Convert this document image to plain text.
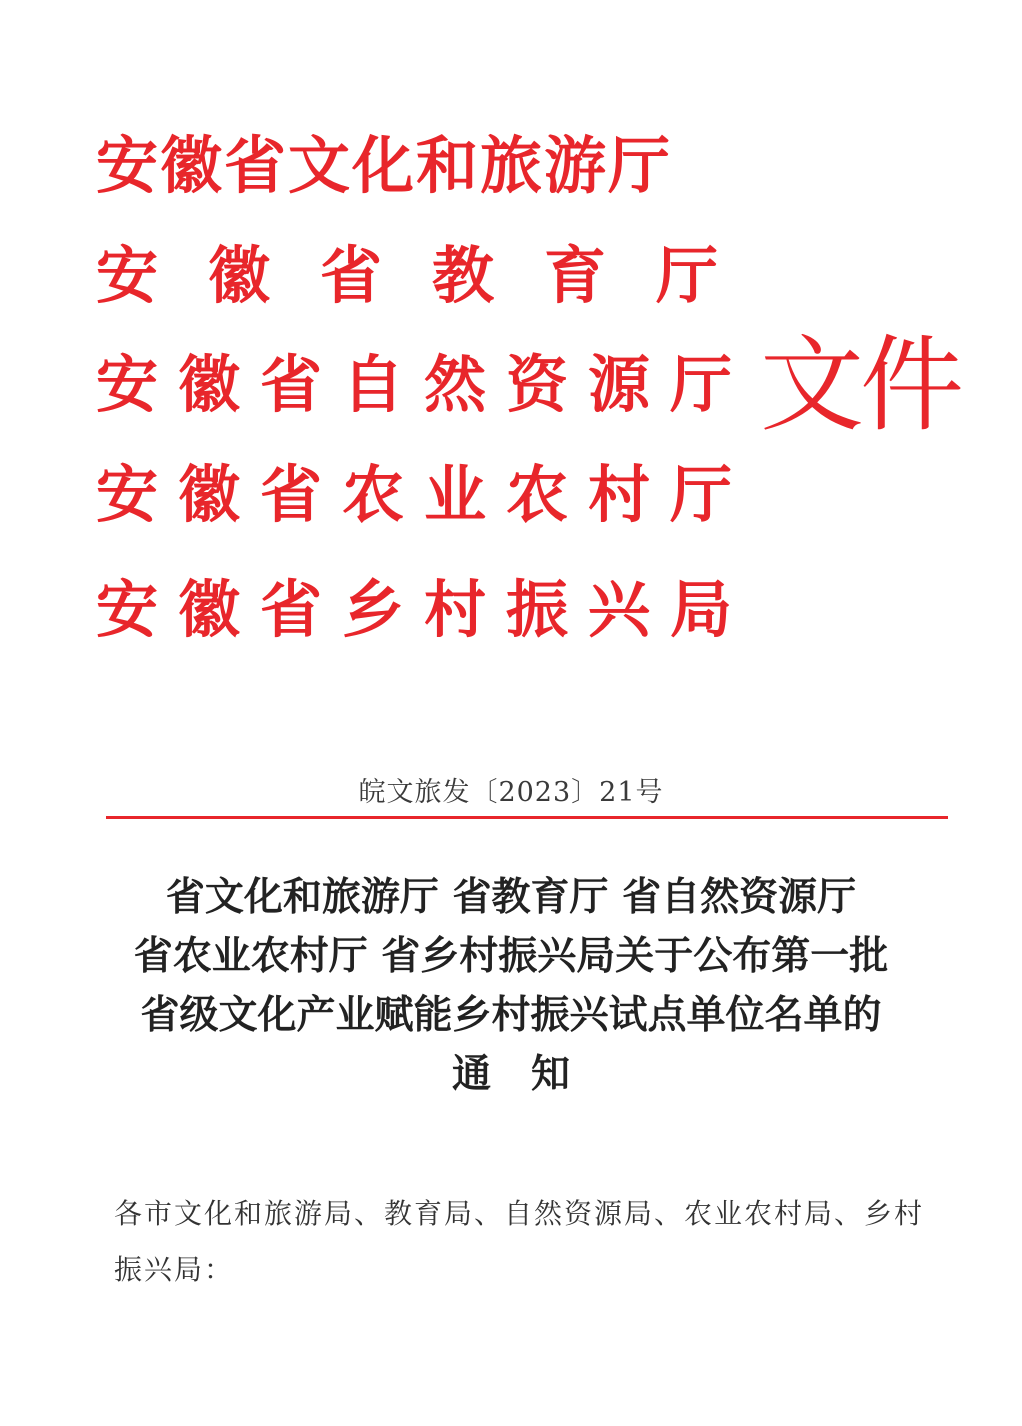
安徽省文化和旅游厅
安徽省教育厅
安徽省自然资源厅
安徽省农业农村厅
安徽省乡村振兴局
文件
皖文旅发〔2023〕21号
省文化和旅游厅 省教育厅 省自然资源厅
省农业农村厅 省乡村振兴局关于公布第一批
省级文化产业赋能乡村振兴试点单位名单的
通知
各市文化和旅游局、教育局、自然资源局、农业农村局、乡村
振兴局：
